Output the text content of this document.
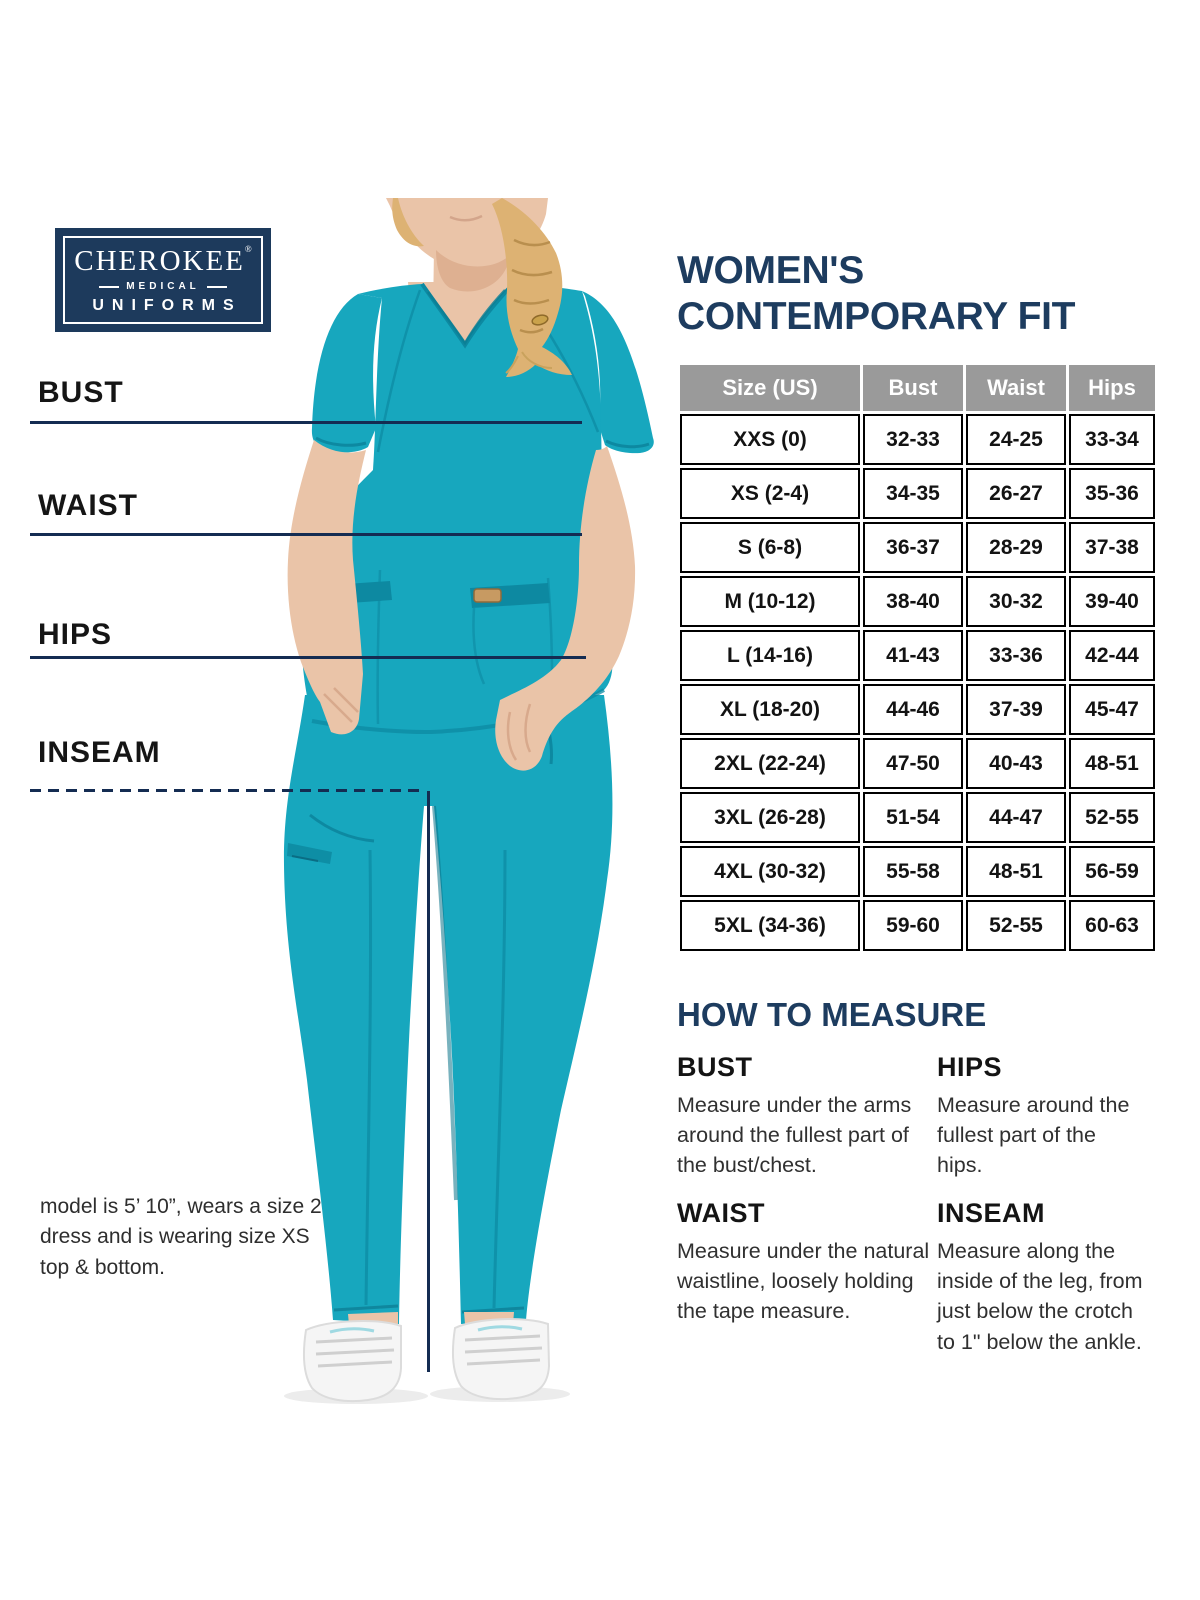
CHEROKEE®
MEDICAL
UNIFORMS
WOMEN'S
CONTEMPORARY FIT
BUST
WAIST
HIPS
INSEAM
Size (US)	Bust	Waist	Hips
XXS (0)	32-33	24-25	33-34
XS (2-4)	34-35	26-27	35-36
S (6-8)	36-37	28-29	37-38
M (10-12)	38-40	30-32	39-40
L (14-16)	41-43	33-36	42-44
XL (18-20)	44-46	37-39	45-47
2XL (22-24)	47-50	40-43	48-51
3XL (26-28)	51-54	44-47	52-55
4XL (30-32)	55-58	48-51	56-59
5XL (34-36)	59-60	52-55	60-63
HOW TO MEASURE
BUST

Measure under the arms around the fullest part of the bust/chest.

HIPS

Measure around the fullest part of the hips.

WAIST

Measure under the natural waistline, loosely holding the tape measure.

INSEAM

Measure along the inside of the leg, from just below the crotch to 1" below the ankle.

model is 5’ 10”, wears a size 2 dress and is wearing size XS top & bottom.
